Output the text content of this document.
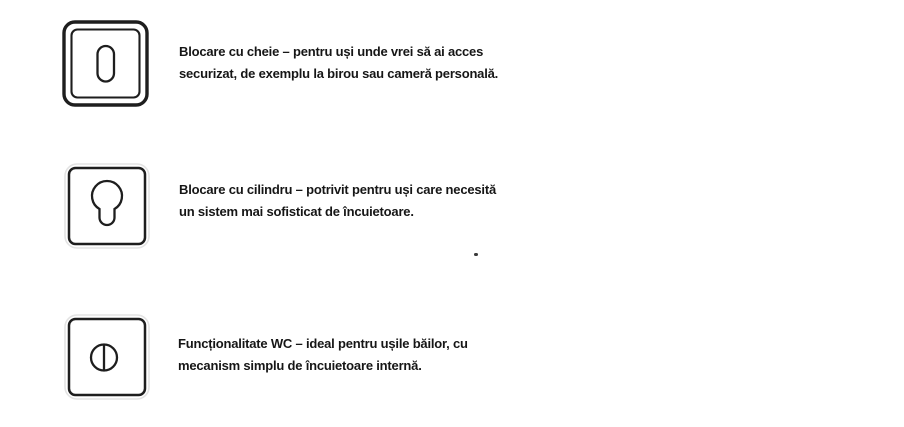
Blocare cu cheie – pentru uși unde vrei să ai acces
securizat, de exemplu la birou sau cameră personală.

Blocare cu cilindru – potrivit pentru uși care necesită
un sistem mai sofisticat de încuietoare.

Funcționalitate WC – ideal pentru ușile băilor, cu
mecanism simplu de încuietoare internă.
